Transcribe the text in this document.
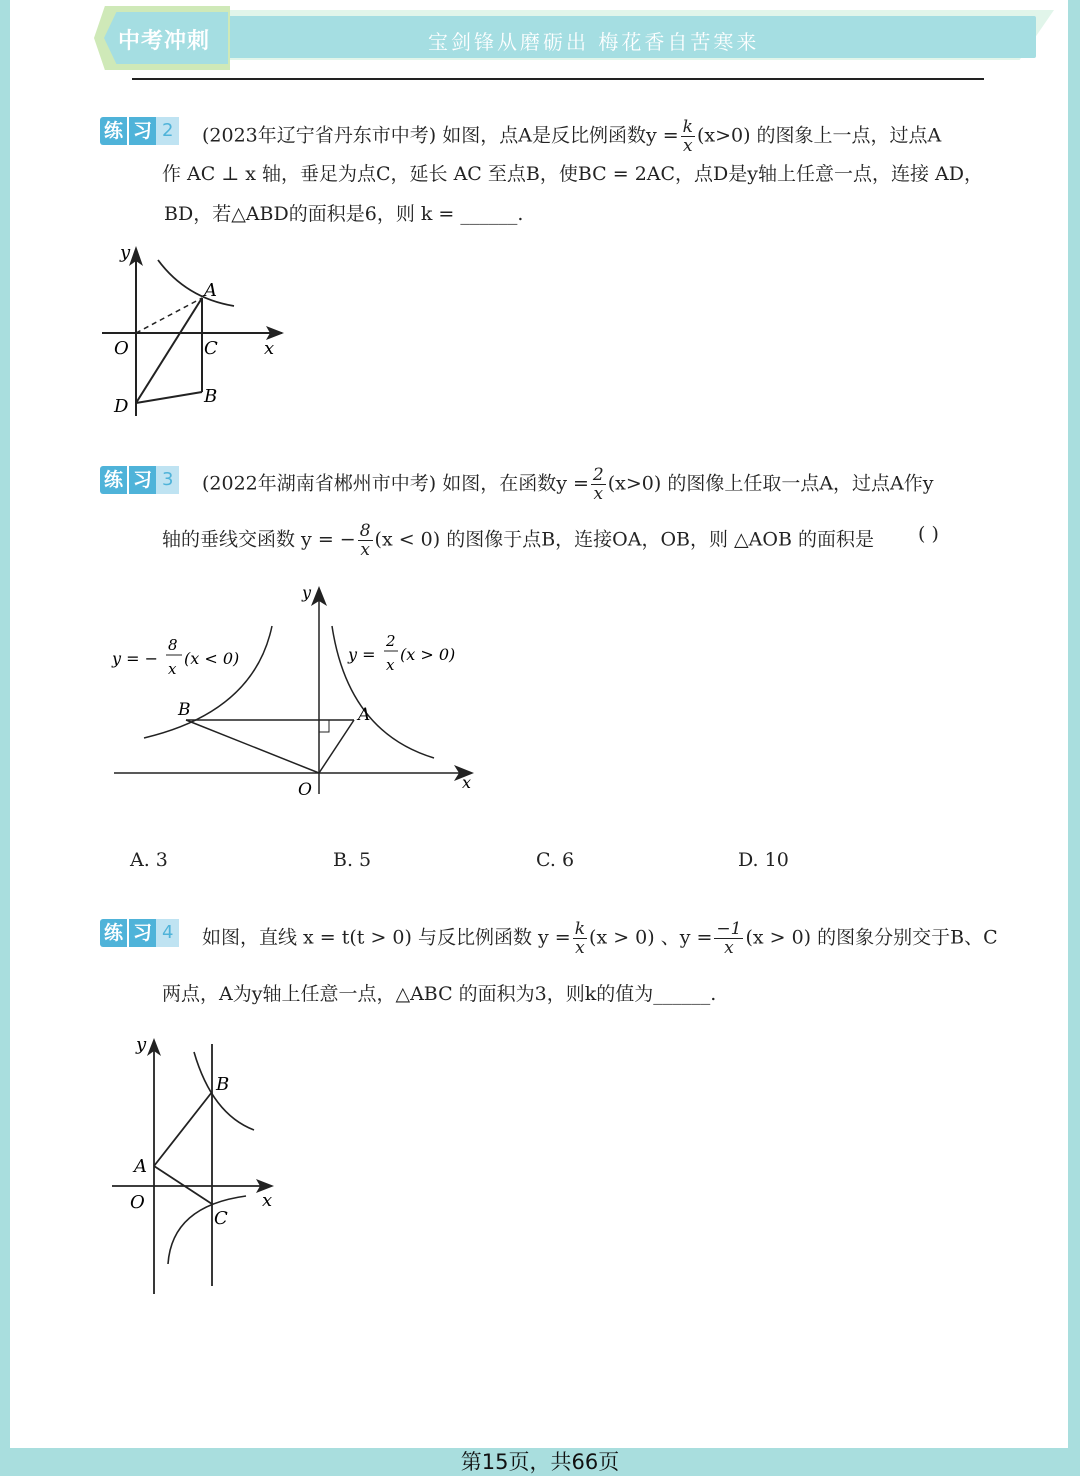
中考冲刺	宝剑锋从磨砺出 梅花香自苦寒来
练 习 2	(2023年辽宁省丹东市中考) 如图，点A是反比例函数$y = \frac{k}{x} (x>0)$ 的图象上一点，过点A
作 AC ⊥ x 轴，垂足为点C，延长 AC 至点B，使BC = 2AC，点D是y轴上任意一点，连接 AD，
BD，若△ABD的面积是6，则 k = ______.
y
x
O
A
C
B
D
练 习 3	(2022年湖南省郴州市中考) 如图，在函数$y = \frac{2}{x} (x>0)$ 的图像上任取一点A，过点A作y
轴的垂线交函数 y = − $\frac{8}{x} (x < 0)$ 的图像于点B，连接OA，OB，则 △AOB 的面积是 ( )
y
x
O
A
B
y = −
8
x
(x < 0)	y =
2
x
(x > 0)
A. 3	B. 5	C. 6	D. 10
练 习 4	如图，直线 x = t(t > 0) 与反比例函数 $y = \frac{k}{x} (x > 0)$ 、$y = \frac{-1}{x} (x > 0)$ 的图象分别交于B、C
两点，A为y轴上任意一点，△ABC 的面积为3，则k的值为______.
y
x
O
A
B
C
第15页，共66页
